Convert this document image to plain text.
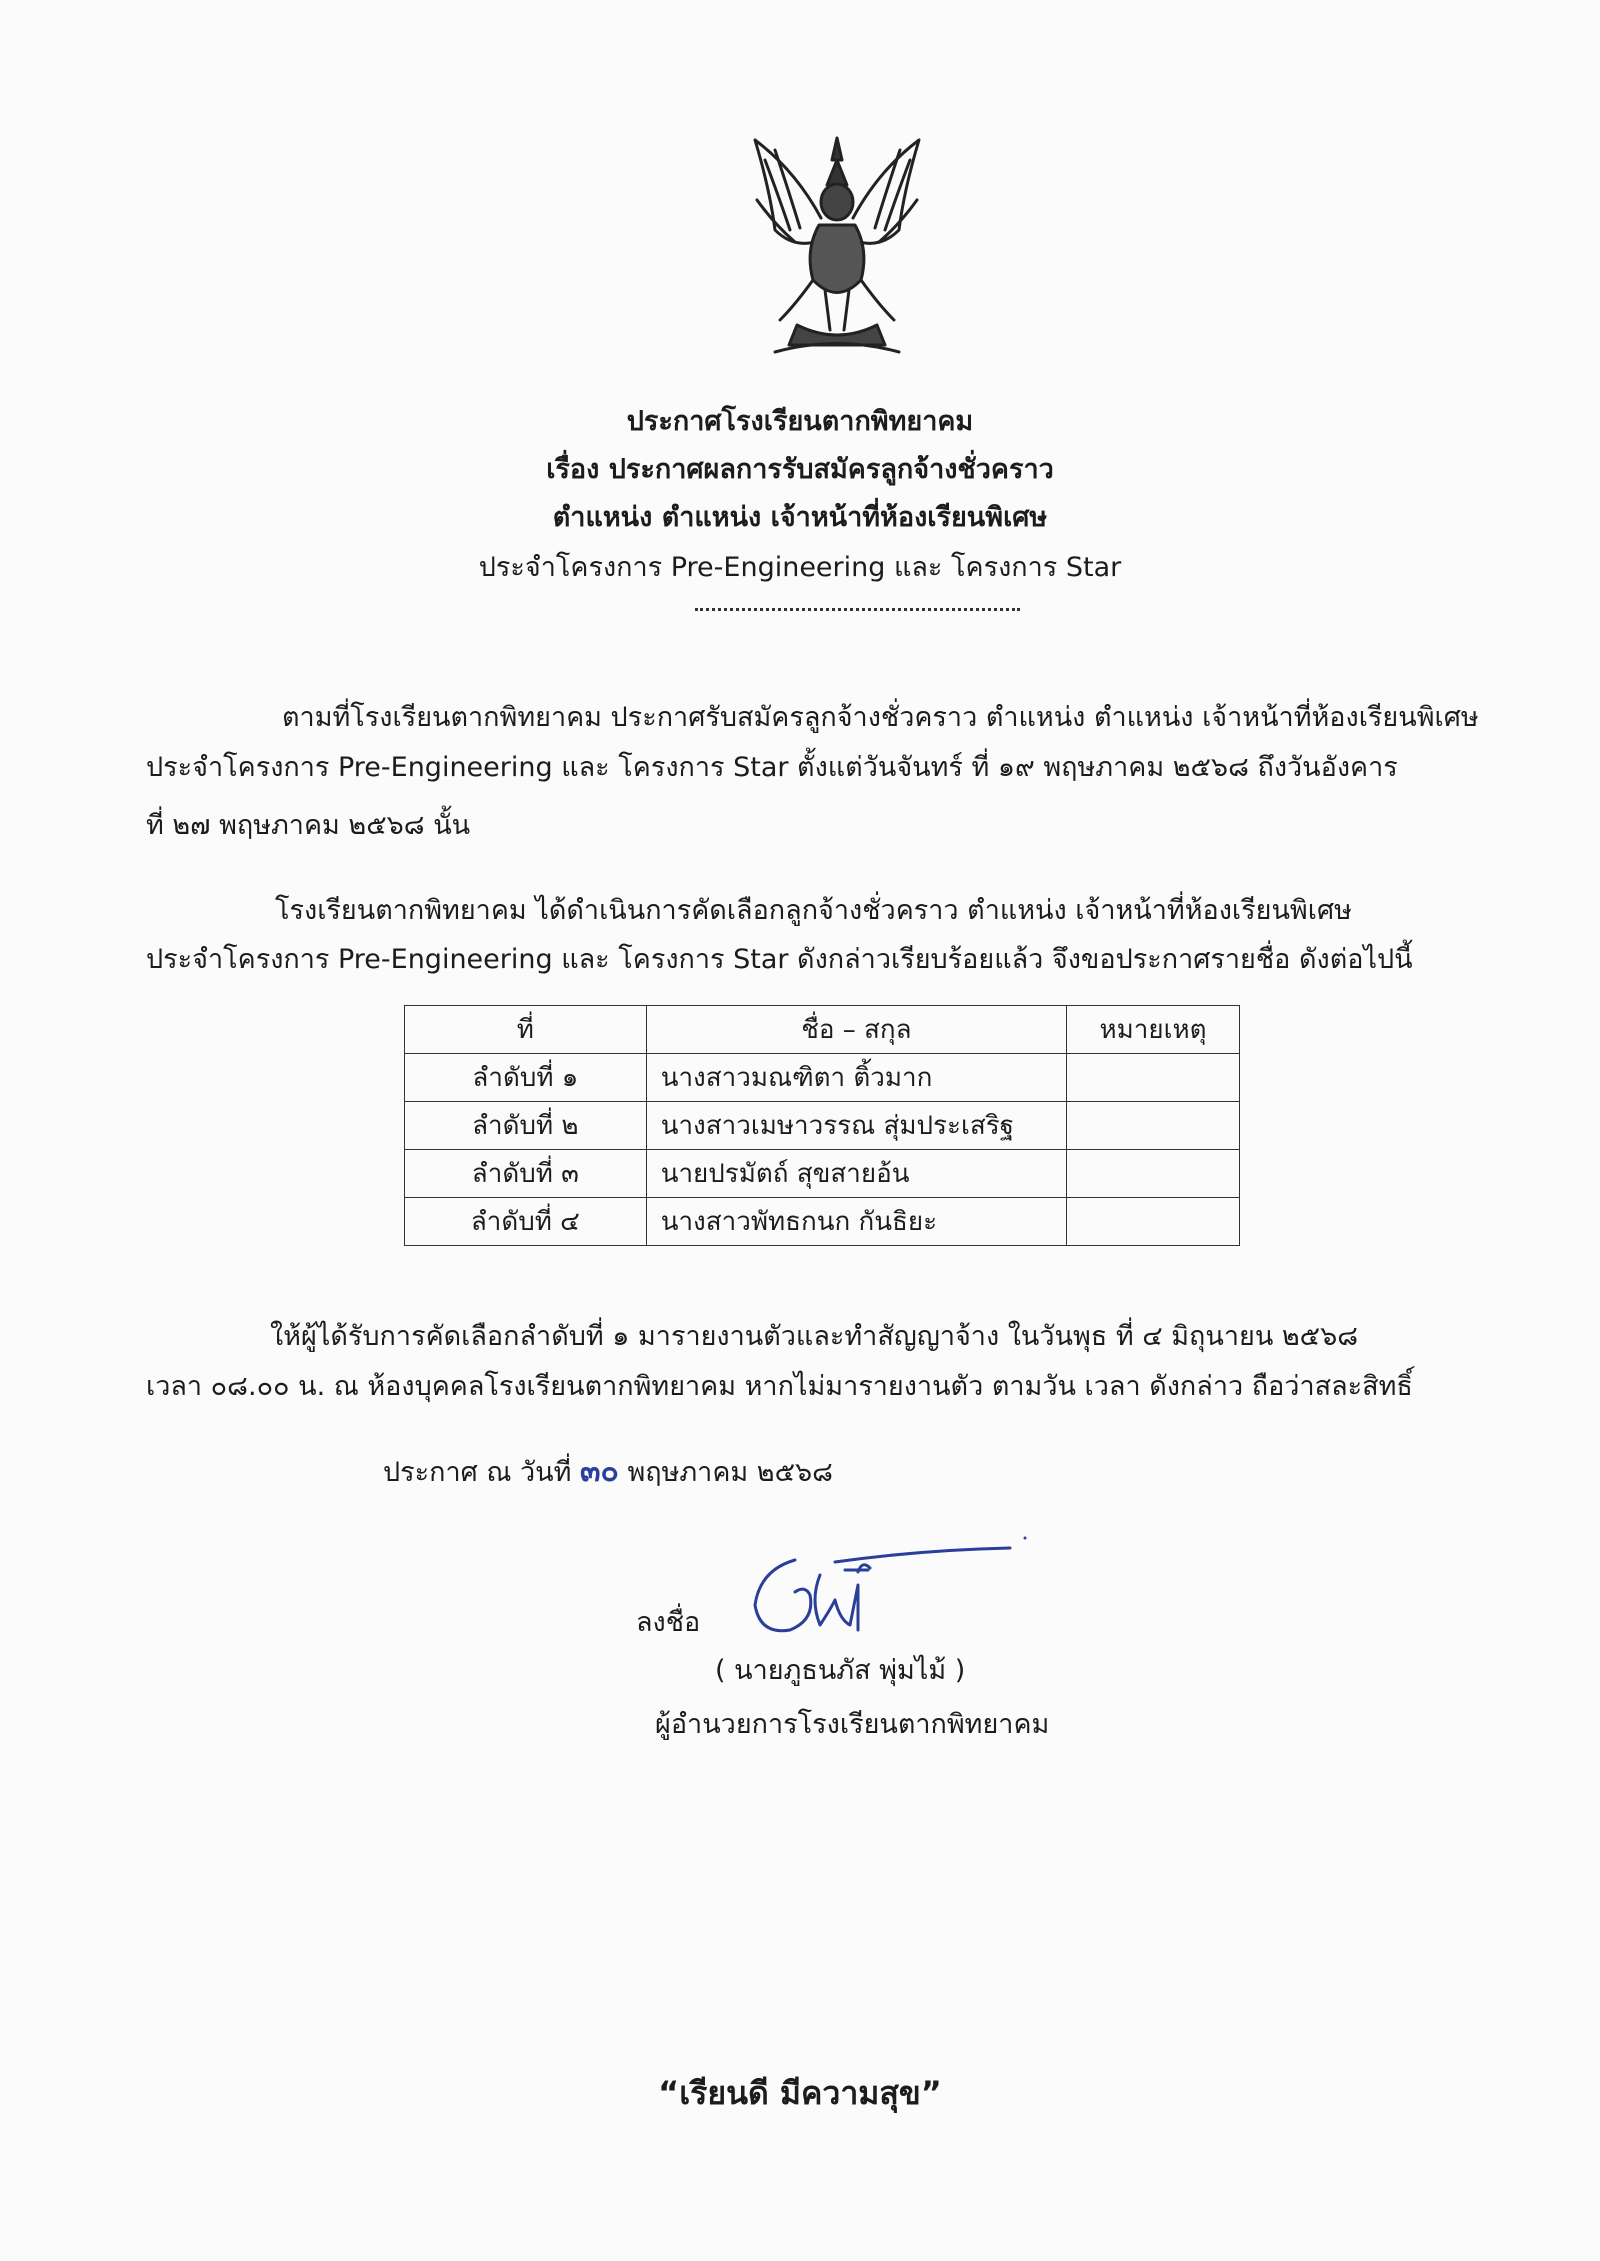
ประกาศโรงเรียนตากพิทยาคม
เรื่อง ประกาศผลการรับสมัครลูกจ้างชั่วคราว
ตำแหน่ง ตำแหน่ง เจ้าหน้าที่ห้องเรียนพิเศษ
ประจำโครงการ Pre-Engineering และ โครงการ Star
ตามที่โรงเรียนตากพิทยาคม ประกาศรับสมัครลูกจ้างชั่วคราว ตำแหน่ง ตำแหน่ง เจ้าหน้าที่ห้องเรียนพิเศษ
ประจำโครงการ Pre-Engineering และ โครงการ Star ตั้งแต่วันจันทร์ ที่ ๑๙ พฤษภาคม ๒๕๖๘ ถึงวันอังคาร
ที่ ๒๗ พฤษภาคม ๒๕๖๘ นั้น
โรงเรียนตากพิทยาคม ได้ดำเนินการคัดเลือกลูกจ้างชั่วคราว ตำแหน่ง เจ้าหน้าที่ห้องเรียนพิเศษ
ประจำโครงการ Pre-Engineering และ โครงการ Star ดังกล่าวเรียบร้อยแล้ว จึงขอประกาศรายชื่อ ดังต่อไปนี้
ที่	ชื่อ – สกุล	หมายเหตุ
ลำดับที่ ๑	นางสาวมณฑิตา ติ้วมาก	
ลำดับที่ ๒	นางสาวเมษาวรรณ สุ่มประเสริฐ	
ลำดับที่ ๓	นายปรมัตถ์ สุขสายอ้น	
ลำดับที่ ๔	นางสาวพัทธกนก กันธิยะ	
ให้ผู้ได้รับการคัดเลือกลำดับที่ ๑ มารายงานตัวและทำสัญญาจ้าง ในวันพุธ ที่ ๔ มิถุนายน ๒๕๖๘
เวลา ๐๘.๐๐ น. ณ ห้องบุคคลโรงเรียนตากพิทยาคม หากไม่มารายงานตัว ตามวัน เวลา ดังกล่าว ถือว่าสละสิทธิ์
ประกาศ ณ วันที่ ๓๐ พฤษภาคม ๒๕๖๘
ลงชื่อ
( นายภูธนภัส พุ่มไม้ )
ผู้อำนวยการโรงเรียนตากพิทยาคม
“เรียนดี มีความสุข”
